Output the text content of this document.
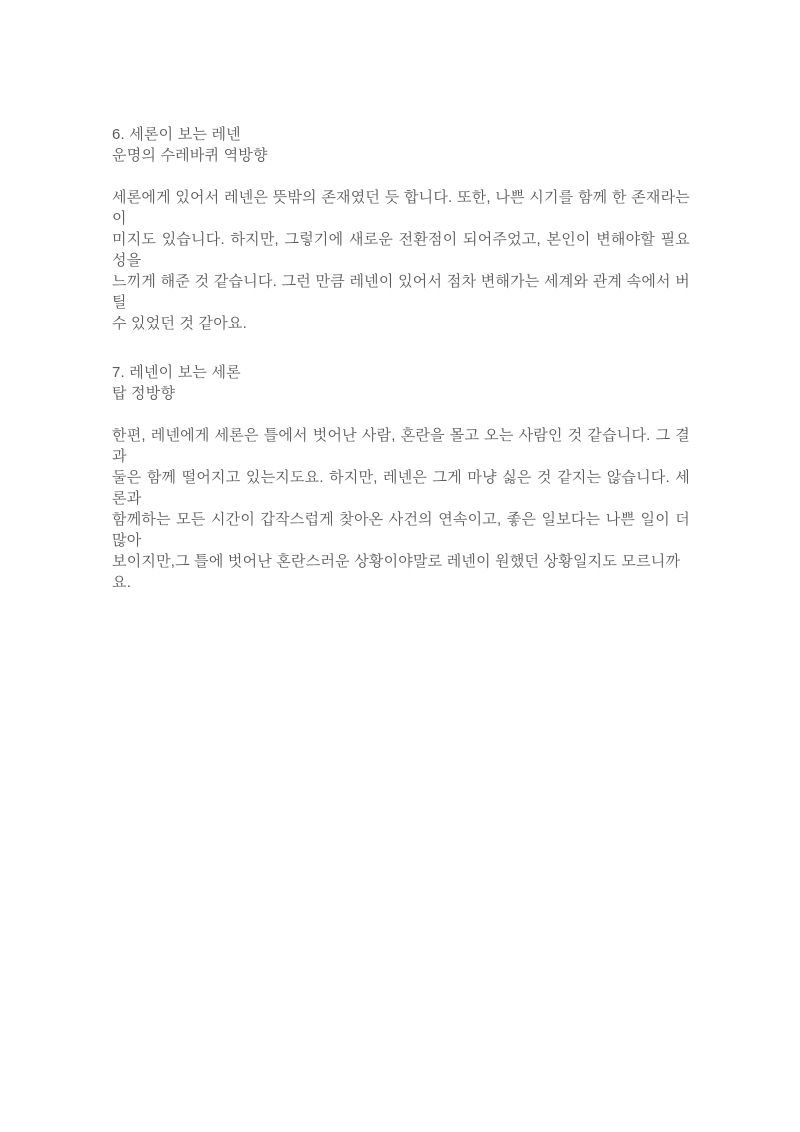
6. 세론이 보는 레넨
운명의 수레바퀴 역방향
세론에게 있어서 레넨은 뜻밖의 존재였던 듯 합니다. 또한, 나쁜 시기를 함께 한 존재라는 이
미지도 있습니다. 하지만, 그렇기에 새로운 전환점이 되어주었고, 본인이 변해야할 필요성을
느끼게 해준 것 같습니다. 그런 만큼 레넨이 있어서 점차 변해가는 세계와 관계 속에서 버틸
수 있었던 것 같아요.
7. 레넨이 보는 세론
탑 정방향
한편, 레넨에게 세론은 틀에서 벗어난 사람, 혼란을 몰고 오는 사람인 것 같습니다. 그 결과
둘은 함께 떨어지고 있는지도요. 하지만, 레넨은 그게 마냥 싫은 것 같지는 않습니다. 세론과
함께하는 모든 시간이 갑작스럽게 찾아온 사건의 연속이고, 좋은 일보다는 나쁜 일이 더 많아
보이지만,그 틀에 벗어난 혼란스러운 상황이야말로 레넨이 원했던 상황일지도 모르니까요.
